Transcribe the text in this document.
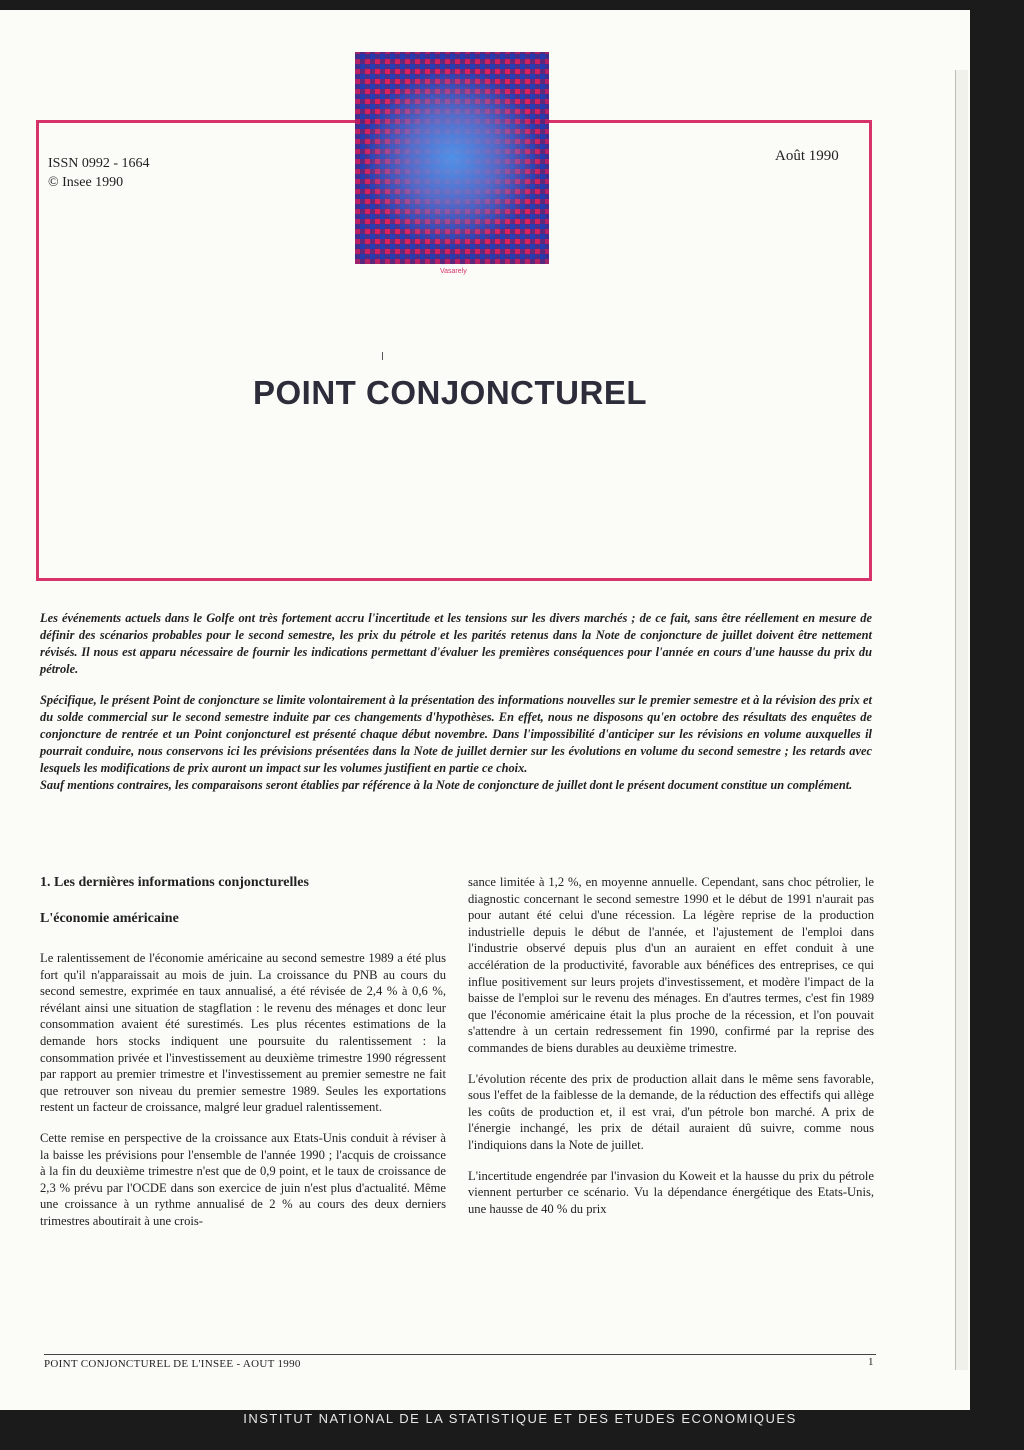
Vasarely
ISSN 0992 - 1664
© Insee 1990
Août 1990
POINT CONJONCTUREL

Les événements actuels dans le Golfe ont très fortement accru l'incertitude et les tensions sur les divers marchés ; de ce fait, sans être réellement en mesure de définir des scénarios probables pour le second semestre, les prix du pétrole et les parités retenus dans la Note de conjoncture de juillet doivent être nettement révisés. Il nous est apparu nécessaire de fournir les indications permettant d'évaluer les premières conséquences pour l'année en cours d'une hausse du prix du pétrole.

Spécifique, le présent Point de conjoncture se limite volontairement à la présentation des informations nouvelles sur le premier semestre et à la révision des prix et du solde commercial sur le second semestre induite par ces changements d'hypothèses. En effet, nous ne disposons qu'en octobre des résultats des enquêtes de conjoncture de rentrée et un Point conjoncturel est présenté chaque début novembre. Dans l'impossibilité d'anticiper sur les révisions en volume auxquelles il pourrait conduire, nous conservons ici les prévisions présentées dans la Note de juillet dernier sur les évolutions en volume du second semestre ; les retards avec lesquels les modifications de prix auront un impact sur les volumes justifient en partie ce choix.

Sauf mentions contraires, les comparaisons seront établies par référence à la Note de conjoncture de juillet dont le présent document constitue un complément.

1. Les dernières informations conjoncturelles
L'économie américaine

Le ralentissement de l'économie américaine au second semestre 1989 a été plus fort qu'il n'apparaissait au mois de juin. La croissance du PNB au cours du second semestre, exprimée en taux annualisé, a été révisée de 2,4 % à 0,6 %, révélant ainsi une situation de stagflation : le revenu des ménages et donc leur consommation avaient été surestimés. Les plus récentes estimations de la demande hors stocks indiquent une poursuite du ralentissement : la consommation privée et l'investissement au deuxième trimestre 1990 régressent par rapport au premier trimestre et l'investissement au premier semestre ne fait que retrouver son niveau du premier semestre 1989. Seules les exportations restent un facteur de croissance, malgré leur graduel ralentissement.

Cette remise en perspective de la croissance aux Etats-Unis conduit à réviser à la baisse les prévisions pour l'ensemble de l'année 1990 ; l'acquis de croissance à la fin du deuxième trimestre n'est que de 0,9 point, et le taux de croissance de 2,3 % prévu par l'OCDE dans son exercice de juin n'est plus d'actualité. Même une croissance à un rythme annualisé de 2 % au cours des deux derniers trimestres aboutirait à une crois-

sance limitée à 1,2 %, en moyenne annuelle. Cependant, sans choc pétrolier, le diagnostic concernant le second semestre 1990 et le début de 1991 n'aurait pas pour autant été celui d'une récession. La légère reprise de la production industrielle depuis le début de l'année, et l'ajustement de l'emploi dans l'industrie observé depuis plus d'un an auraient en effet conduit à une accélération de la productivité, favorable aux bénéfices des entreprises, ce qui influe positivement sur leurs projets d'investissement, et modère l'impact de la baisse de l'emploi sur le revenu des ménages. En d'autres termes, c'est fin 1989 que l'économie américaine était la plus proche de la récession, et l'on pouvait s'attendre à un certain redressement fin 1990, confirmé par la reprise des commandes de biens durables au deuxième trimestre.

L'évolution récente des prix de production allait dans le même sens favorable, sous l'effet de la faiblesse de la demande, de la réduction des effectifs qui allège les coûts de production et, il est vrai, d'un pétrole bon marché. A prix de l'énergie inchangé, les prix de détail auraient dû suivre, comme nous l'indiquions dans la Note de juillet.

L'incertitude engendrée par l'invasion du Koweit et la hausse du prix du pétrole viennent perturber ce scénario. Vu la dépendance énergétique des Etats-Unis, une hausse de 40 % du prix

POINT CONJONCTUREL DE L'INSEE - AOUT 1990	1
INSTITUT NATIONAL DE LA STATISTIQUE ET DES ETUDES ECONOMIQUES
